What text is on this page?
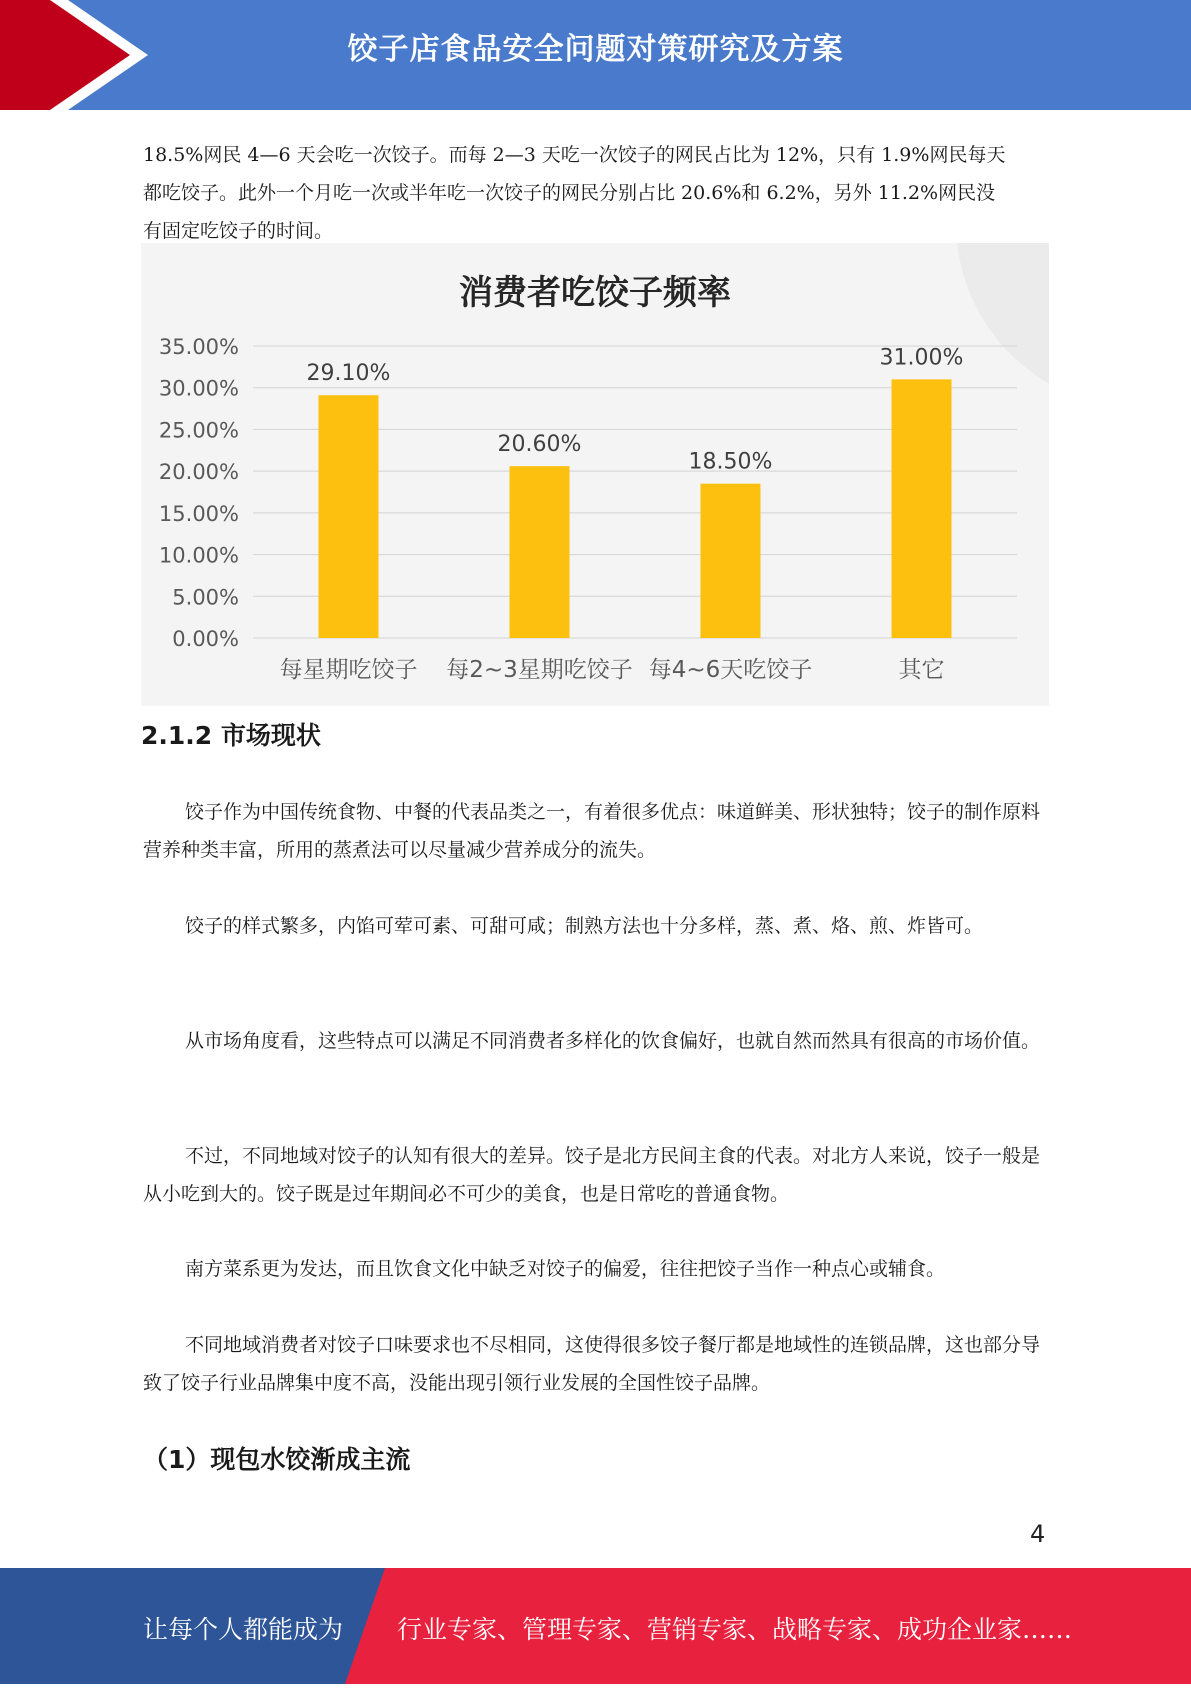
饺子店食品安全问题对策研究及方案
18.5%网民 4—6 天会吃一次饺子。而每 2—3 天吃一次饺子的网民占比为 12%，只有 1.9%网民每天
都吃饺子。此外一个月吃一次或半年吃一次饺子的网民分别占比 20.6%和 6.2%，另外 11.2%网民没
有固定吃饺子的时间。
0.00%
5.00%
10.00%
15.00%
20.00%
25.00%
30.00%
35.00%
29.10%
20.60%
18.50%
31.00%
每星期吃饺子 每2~3星期吃饺子 每4~6天吃饺子	其它
消费者吃饺子频率
2.1.2 市场现状

饺子作为中国传统食物、中餐的代表品类之一，有着很多优点：味道鲜美、形状独特；饺子的制作原料营养种类丰富，所用的蒸煮法可以尽量减少营养成分的流失。

饺子的样式繁多，内馅可荤可素、可甜可咸；制熟方法也十分多样，蒸、煮、烙、煎、炸皆可。

从市场角度看，这些特点可以满足不同消费者多样化的饮食偏好，也就自然而然具有很高的市场价值。

不过，不同地域对饺子的认知有很大的差异。饺子是北方民间主食的代表。对北方人来说，饺子一般是从小吃到大的。饺子既是过年期间必不可少的美食，也是日常吃的普通食物。

南方菜系更为发达，而且饮食文化中缺乏对饺子的偏爱，往往把饺子当作一种点心或辅食。

不同地域消费者对饺子口味要求也不尽相同，这使得很多饺子餐厅都是地域性的连锁品牌，这也部分导致了饺子行业品牌集中度不高，没能出现引领行业发展的全国性饺子品牌。

（1）现包水饺渐成主流
4
让每个人都能成为 行业专家、管理专家、营销专家、战略专家、成功企业家……
